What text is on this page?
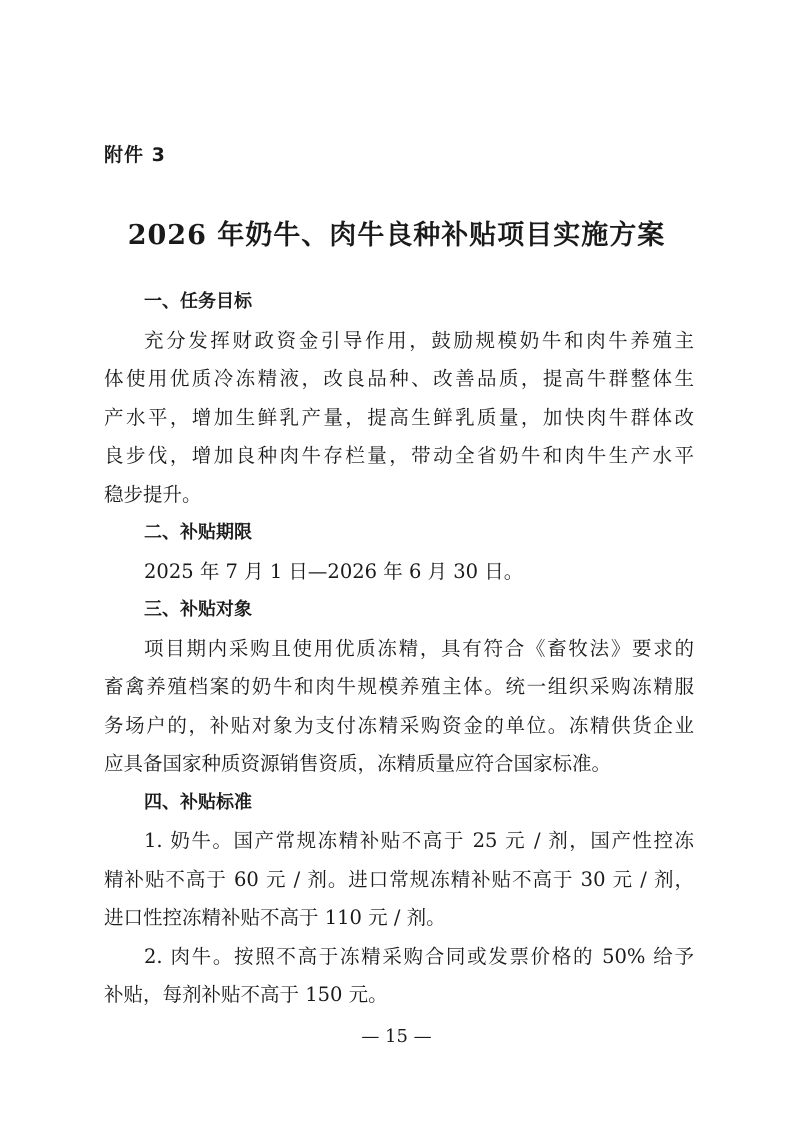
附件 3
2026 年奶牛、肉牛良种补贴项目实施方案
一、任务目标
充分发挥财政资金引导作用，鼓励规模奶牛和肉牛养殖主
体使用优质冷冻精液，改良品种、改善品质，提高牛群整体生
产水平，增加生鲜乳产量，提高生鲜乳质量，加快肉牛群体改
良步伐，增加良种肉牛存栏量，带动全省奶牛和肉牛生产水平
稳步提升。
二、补贴期限
2025 年 7 月 1 日—2026 年 6 月 30 日。
三、补贴对象
项目期内采购且使用优质冻精，具有符合《畜牧法》要求的
畜禽养殖档案的奶牛和肉牛规模养殖主体。统一组织采购冻精服
务场户的，补贴对象为支付冻精采购资金的单位。冻精供货企业
应具备国家种质资源销售资质，冻精质量应符合国家标准。
四、补贴标准
1. 奶牛。国产常规冻精补贴不高于 25 元 / 剂，国产性控冻
精补贴不高于 60 元 / 剂。进口常规冻精补贴不高于 30 元 / 剂，
进口性控冻精补贴不高于 110 元 / 剂。
2. 肉牛。按照不高于冻精采购合同或发票价格的 50% 给予
补贴，每剂补贴不高于 150 元。
— 15 —
